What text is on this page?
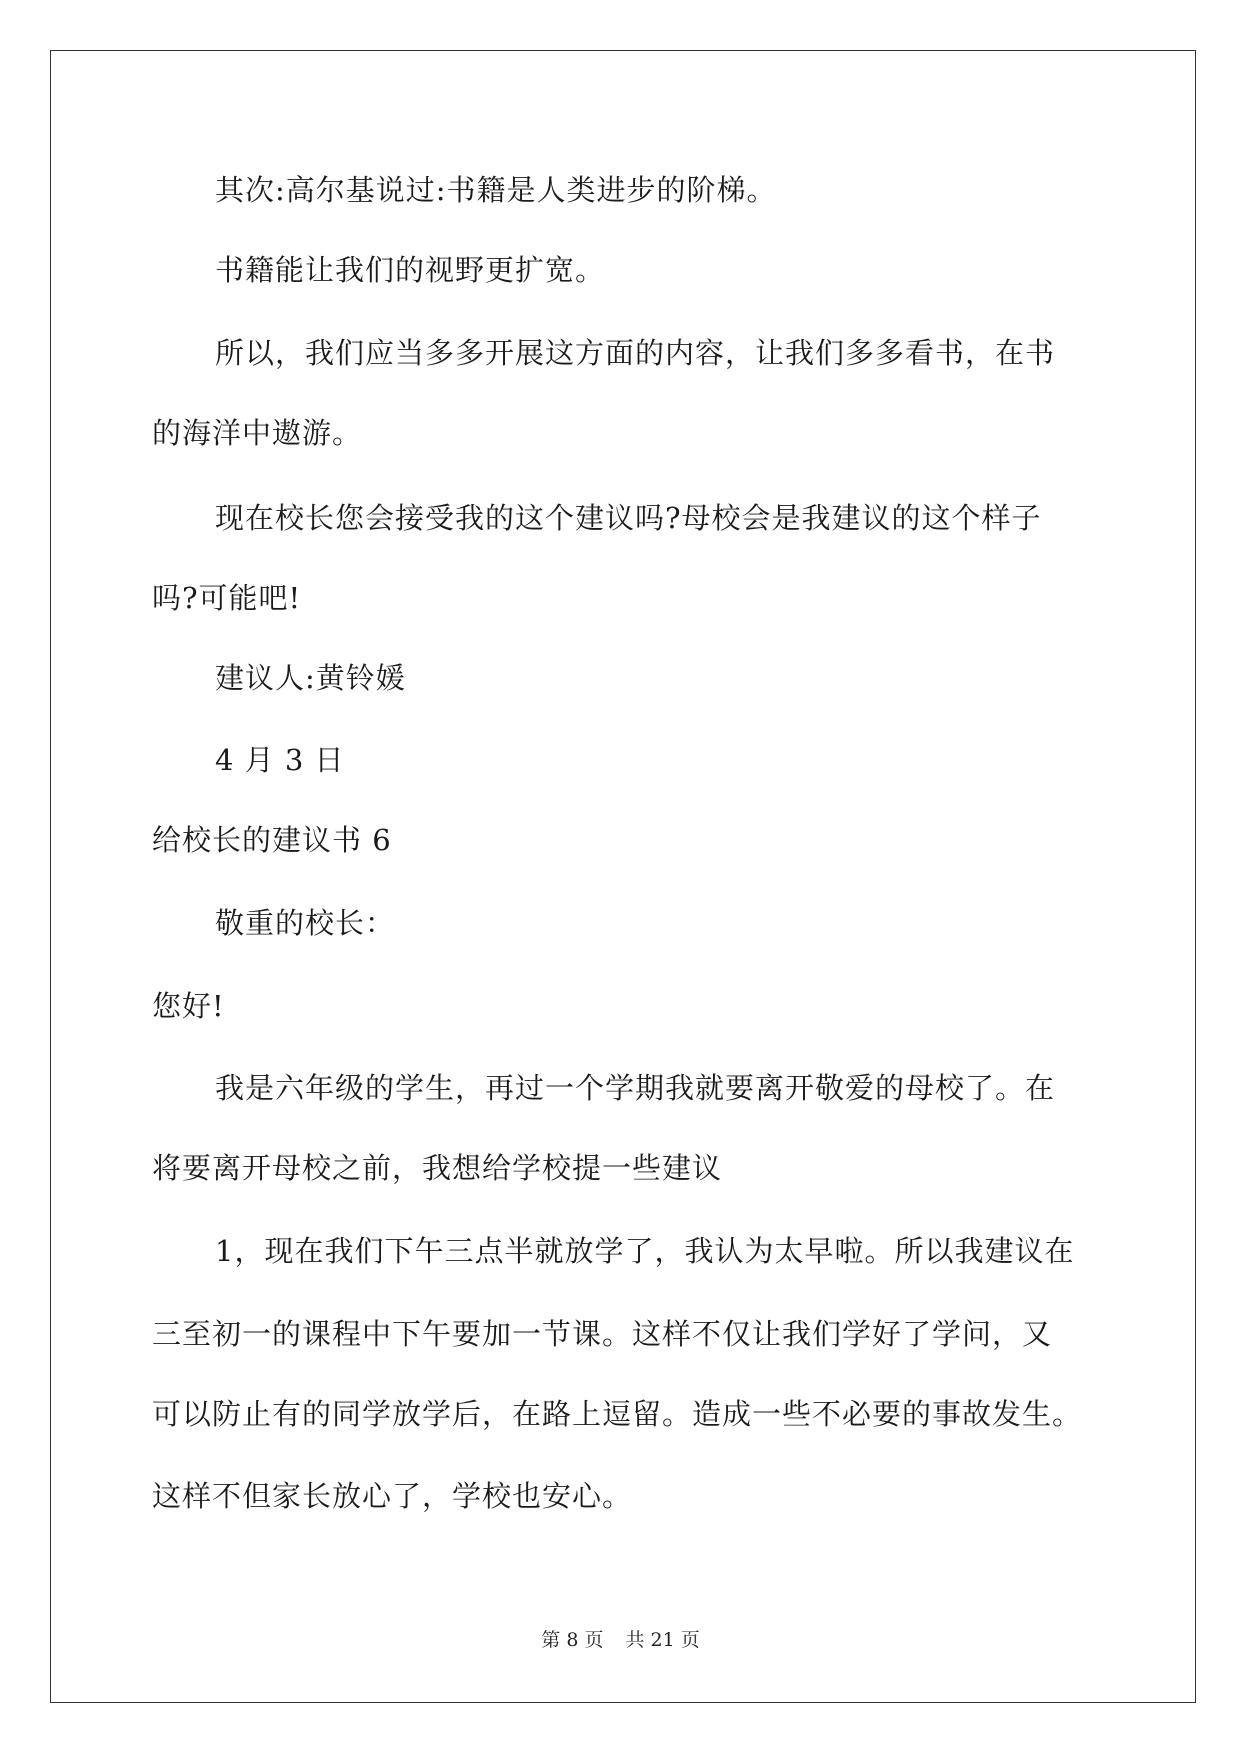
其次:高尔基说过:书籍是人类进步的阶梯。
书籍能让我们的视野更扩宽。
所以，我们应当多多开展这方面的内容，让我们多多看书，在书
的海洋中遨游。
现在校长您会接受我的这个建议吗?母校会是我建议的这个样子
吗?可能吧!
建议人:黄铃媛
4 月 3 日
给校长的建议书 6
敬重的校长：
您好!
我是六年级的学生，再过一个学期我就要离开敬爱的母校了。在
将要离开母校之前，我想给学校提一些建议
1，现在我们下午三点半就放学了，我认为太早啦。所以我建议在
三至初一的课程中下午要加一节课。这样不仅让我们学好了学问，又
可以防止有的同学放学后，在路上逗留。造成一些不必要的事故发生。
这样不但家长放心了，学校也安心。
第 8 页 共 21 页
